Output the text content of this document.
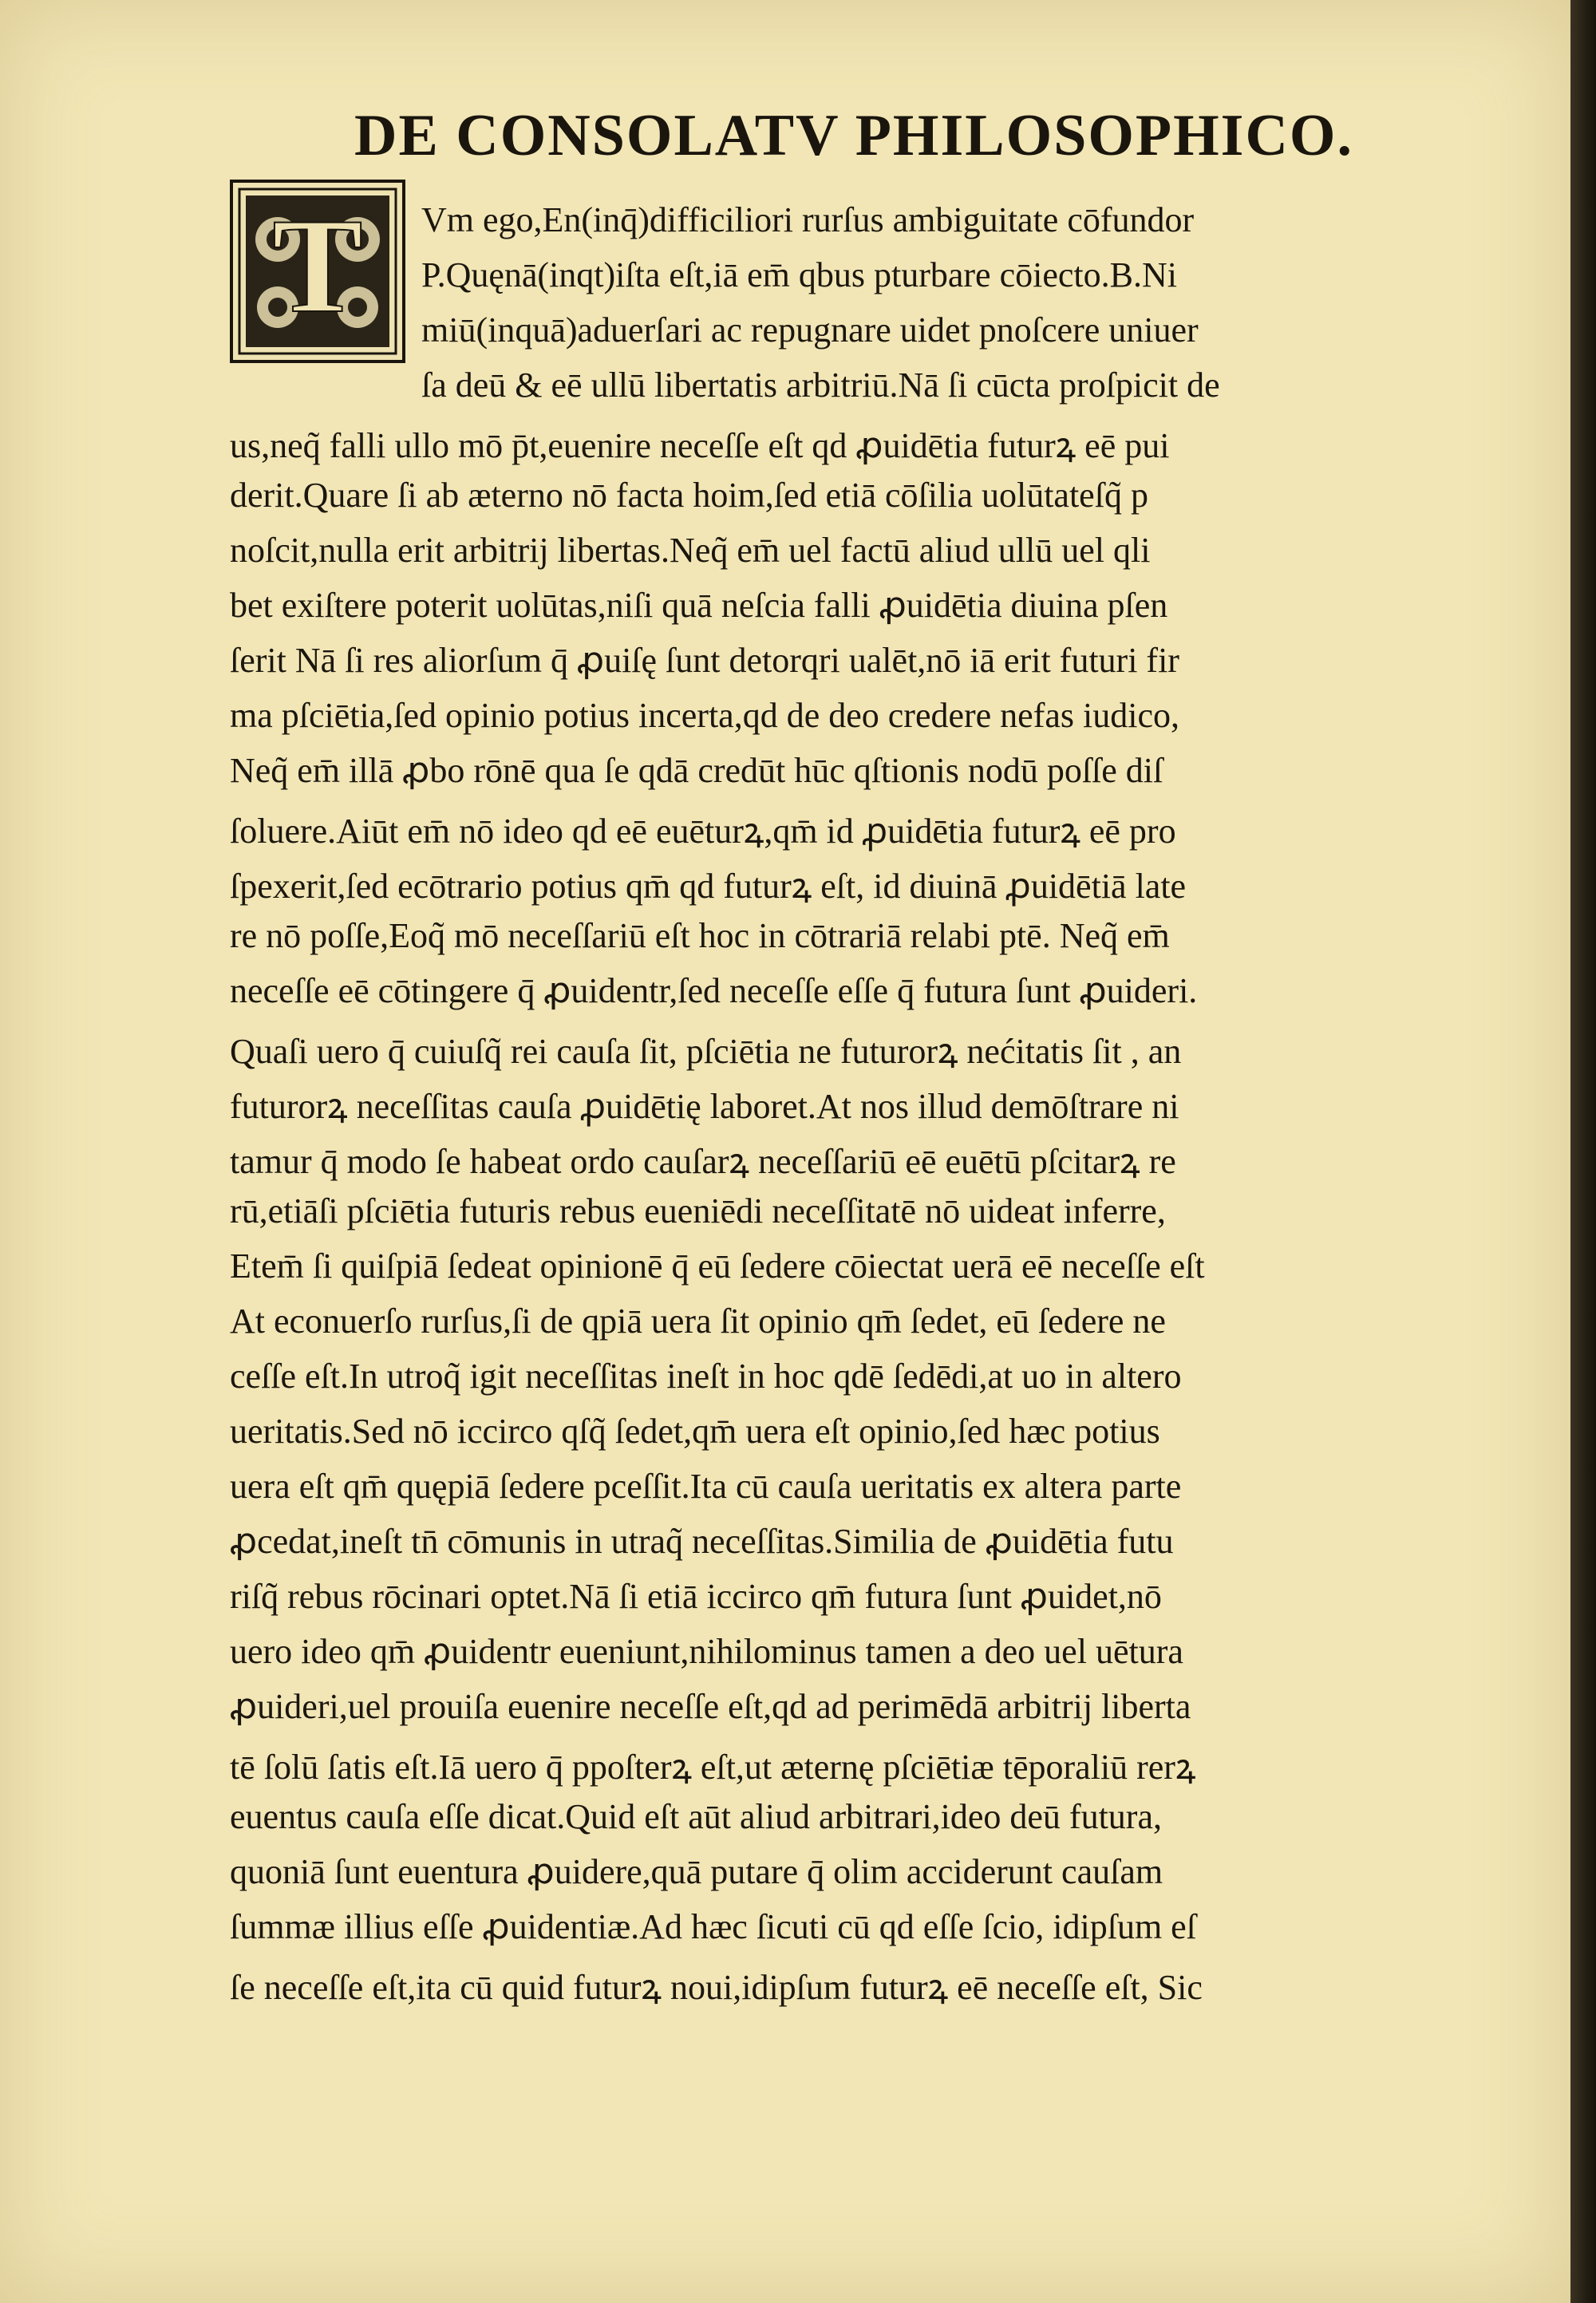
DE CONSOLATV PHILOSOPHICO.
T Vm ego,En(inq̄)difficiliori rurſus ambiguitate cōfundor
P.Quęnā(inqt)iſta eſt,iā em̄ qbus pturbare cōiecto.B.Ni
miū(inquā)aduerſari ac repugnare uidet pnoſcere uniuer
ſa deū & eē ullū libertatis arbitriū.Nā ſi cūcta proſpicit de
us,neq̃ falli ullo mō p̄t,euenire neceſſe eſt qd ꝓuidētia futurꝝ eē pui
derit.Quare ſi ab æterno nō facta hoim,ſed etiā cōſilia uolūtateſq̃ p
noſcit,nulla erit arbitrij libertas.Neq̃ em̄ uel factū aliud ullū uel qli
bet exiſtere poterit uolūtas,niſi quā neſcia falli ꝓuidētia diuina pſen
ſerit Nā ſi res aliorſum q̄ ꝓuiſę ſunt detorqri ualēt,nō iā erit futuri fir
ma pſciētia,ſed opinio potius incerta,qd de deo credere nefas iudico,
Neq̃ em̄ illā ꝓbo rōnē qua ſe qdā credūt hūc qſtionis nodū poſſe diſ
ſoluere.Aiūt em̄ nō ideo qd eē euēturꝝ,qm̄ id ꝓuidētia futurꝝ eē pro
ſpexerit,ſed ecōtrario potius qm̄ qd futurꝝ eſt, id diuinā ꝓuidētiā late
re nō poſſe,Eoq̃ mō neceſſariū eſt hoc in cōtrariā relabi ptē. Neq̃ em̄
neceſſe eē cōtingere q̄ ꝓuidentr,ſed neceſſe eſſe q̄ futura ſunt ꝓuideri.
Quaſi uero q̄ cuiuſq̃ rei cauſa ſit, pſciētia ne futurorꝝ nećitatis ſit , an
futurorꝝ neceſſitas cauſa ꝓuidētię laboret.At nos illud demōſtrare ni
tamur q̄ modo ſe habeat ordo cauſarꝝ neceſſariū eē euētū pſcitarꝝ re
rū,etiāſi pſciētia futuris rebus eueniēdi neceſſitatē nō uideat inferre,
Etem̄ ſi quiſpiā ſedeat opinionē q̄ eū ſedere cōiectat uerā eē neceſſe eſt
At econuerſo rurſus,ſi de qpiā uera ſit opinio qm̄ ſedet, eū ſedere ne
ceſſe eſt.In utroq̃ igit neceſſitas ineſt in hoc qdē ſedēdi,at uo in altero
ueritatis.Sed nō iccirco qſq̃ ſedet,qm̄ uera eſt opinio,ſed hæc potius
uera eſt qm̄ quępiā ſedere pceſſit.Ita cū cauſa ueritatis ex altera parte
ꝓcedat,ineſt tn̄ cōmunis in utraq̃ neceſſitas.Similia de ꝓuidētia futu
riſq̃ rebus rōcinari optet.Nā ſi etiā iccirco qm̄ futura ſunt ꝓuidet,nō
uero ideo qm̄ ꝓuidentr eueniunt,nihilominus tamen a deo uel uētura
ꝓuideri,uel prouiſa euenire neceſſe eſt,qd ad perimēdā arbitrij liberta
tē ſolū ſatis eſt.Iā uero q̄ ppoſterꝝ eſt,ut æternę pſciētiæ tēporaliū rerꝝ
euentus cauſa eſſe dicat.Quid eſt aūt aliud arbitrari,ideo deū futura,
quoniā ſunt euentura ꝓuidere,quā putare q̄ olim acciderunt cauſam
ſummæ illius eſſe ꝓuidentiæ.Ad hæc ſicuti cū qd eſſe ſcio, idipſum eſ
ſe neceſſe eſt,ita cū quid futurꝝ noui,idipſum futurꝝ eē neceſſe eſt, Sic
